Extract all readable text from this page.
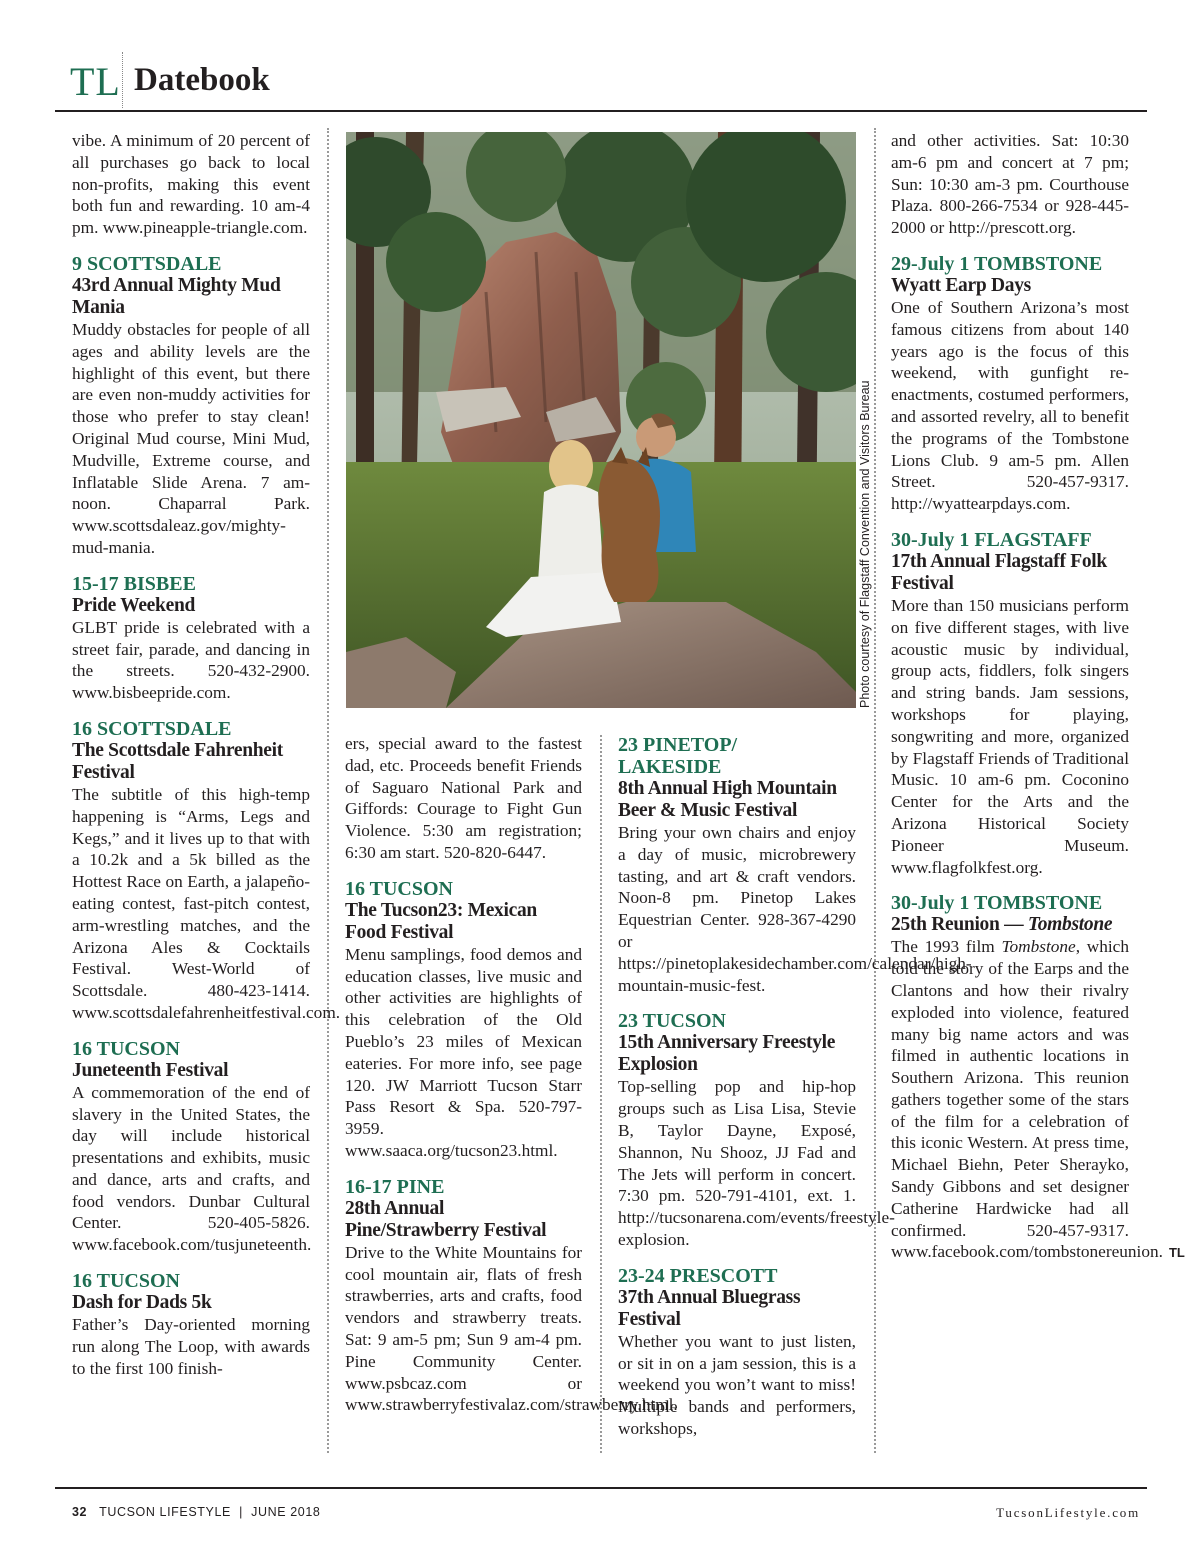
TL Datebook

vibe. A minimum of 20 percent of all purchases go back to local non-profits, making this event both fun and rewarding. 10 am-4 pm. www.pineapple-triangle.com.

9 SCOTTSDALE

43rd Annual Mighty Mud Mania

Muddy obstacles for people of all ages and ability levels are the highlight of this event, but there are even non-muddy activities for those who prefer to stay clean! Original Mud course, Mini Mud, Mudville, Extreme course, and Inflatable Slide Arena. 7 am-noon. Chaparral Park. www.scottsdaleaz.gov/mighty-mud-mania.

15-17 BISBEE

Pride Weekend

GLBT pride is celebrated with a street fair, parade, and dancing in the streets. 520-432-2900. www.bisbeepride.com.

16 SCOTTSDALE

The Scottsdale Fahrenheit Festival

The subtitle of this high-temp happening is “Arms, Legs and Kegs,” and it lives up to that with a 10.2k and a 5k billed as the Hottest Race on Earth, a jalapeño-eating contest, fast-pitch contest, arm-wrestling matches, and the Arizona Ales & Cocktails Festival. West-World of Scottsdale. 480-423-1414. www.scottsdalefahrenheitfestival.com.

16 TUCSON

Juneteenth Festival

A commemoration of the end of slavery in the United States, the day will include historical presentations and exhibits, music and dance, arts and crafts, and food vendors. Dunbar Cultural Center. 520-405-5826. www.facebook.com/tusjuneteenth.

16 TUCSON

Dash for Dads 5k

Father’s Day-oriented morning run along The Loop, with awards to the first 100 finish-

Photo courtesy of Flagstaff Convention and Visitors Bureau

ers, special award to the fastest dad, etc. Proceeds benefit Friends of Saguaro National Park and Giffords: Courage to Fight Gun Violence. 5:30 am registration; 6:30 am start. 520-820-6447.

16 TUCSON

The Tucson23: Mexican Food Festival

Menu samplings, food demos and education classes, live music and other activities are highlights of this celebration of the Old Pueblo’s 23 miles of Mexican eateries. For more info, see page 120. JW Marriott Tucson Starr Pass Resort & Spa. 520-797-3959. www.saaca.org/tucson23.html.

16-17 PINE

28th Annual Pine/Strawberry Festival

Drive to the White Mountains for cool mountain air, flats of fresh strawberries, arts and crafts, food vendors and strawberry treats. Sat: 9 am-5 pm; Sun 9 am-4 pm. Pine Community Center. www.psbcaz.com or www.strawberryfestivalaz.com/strawberry.html.

23 PINETOP/ LAKESIDE

8th Annual High Mountain Beer & Music Festival

Bring your own chairs and enjoy a day of music, microbrewery tasting, and art & craft vendors. Noon-8 pm. Pinetop Lakes Equestrian Center. 928-367-4290 or https://pinetoplakesidechamber.com/calendar/high-mountain-music-fest.

23 TUCSON

15th Anniversary Freestyle Explosion

Top-selling pop and hip-hop groups such as Lisa Lisa, Stevie B, Taylor Dayne, Exposé, Shannon, Nu Shooz, JJ Fad and The Jets will perform in concert. 7:30 pm. 520-791-4101, ext. 1. http://tucsonarena.com/events/freestyle-explosion.

23-24 PRESCOTT

37th Annual Bluegrass Festival

Whether you want to just listen, or sit in on a jam session, this is a weekend you won’t want to miss! Multiple bands and performers, workshops,

and other activities. Sat: 10:30 am-6 pm and concert at 7 pm; Sun: 10:30 am-3 pm. Courthouse Plaza. 800-266-7534 or 928-445-2000 or http://prescott.org.

29-July 1 TOMBSTONE

Wyatt Earp Days

One of Southern Arizona’s most famous citizens from about 140 years ago is the focus of this weekend, with gunfight re-enactments, costumed performers, and assorted revelry, all to benefit the programs of the Tombstone Lions Club. 9 am-5 pm. Allen Street. 520-457-9317. http://wyattearpdays.com.

30-July 1 FLAGSTAFF

17th Annual Flagstaff Folk Festival

More than 150 musicians perform on five different stages, with live acoustic music by individual, group acts, fiddlers, folk singers and string bands. Jam sessions, workshops for playing, songwriting and more, organized by Flagstaff Friends of Traditional Music. 10 am-6 pm. Coconino Center for the Arts and the Arizona Historical Society Pioneer Museum. www.flagfolkfest.org.

30-July 1 TOMBSTONE

25th Reunion — Tombstone

The 1993 film Tombstone, which told the story of the Earps and the Clantons and how their rivalry exploded into violence, featured many big name actors and was filmed in authentic locations in Southern Arizona. This reunion gathers together some of the stars of the film for a celebration of this iconic Western. At press time, Michael Biehn, Peter Sherayko, Sandy Gibbons and set designer Catherine Hardwicke had all confirmed. 520-457-9317. www.facebook.com/tombstonereunion. TL

32 TUCSON LIFESTYLE  |  JUNE 2018	TucsonLifestyle.com
